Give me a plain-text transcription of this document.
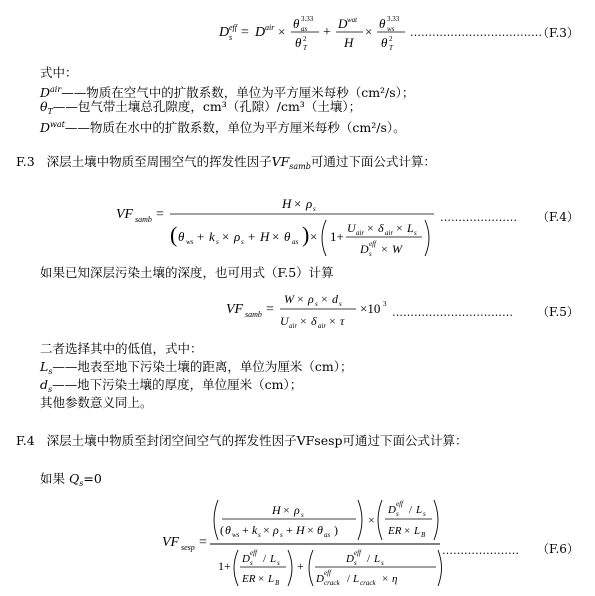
D s
eff = D air ×
θ as
3.33
θ T
2 +
D wat
H
×
θ ws
3.33
θ T
2 ………………………………
（F.3）
式中：
$D^{air}——$物质在空气中的扩散系数，单位为平方厘米每秒（cm²/s）；
$\theta_T——$包气带土壤总孔隙度，cm³（孔隙）/cm³（土壤）；
$D^{wat}——$物质在水中的扩散系数，单位为平方厘米每秒（cm²/s）。
F.3 深层土壤中物质至周围空气的挥发性因子$VF_{samb}$可通过下面公式计算：
VF samb =
H × ρ s
( θ ws + k s × ρ s + H × θ as ) × 1+
U air × δ air × L s
D s
eff × W
………………… （F.4）
如果已知深层污染土壤的深度，也可用式（F.5）计算
VF samb =
W × ρ s × d s
U air × δ air × τ
×10 3
…………………………… （F.5）
二者选择其中的低值，式中：
$L_s——$地表至地下污染土壤的距离，单位为厘米（cm）；
$d_s——$地下污染土壤的厚度，单位厘米（cm）；
其他参数意义同上。
F.4 深层土壤中物质至封闭空间空气的挥发性因子VFsesp可通过下面公式计算：
如果 $Q_s=0$
VF sesp =
H × ρ s
( θ ws + k s × ρ s + H × θ as )
×
D s
eff / L s
ER × L B
1+ D s
eff / L s
ER × L B
+	D s
eff / L s
D crack
eff / L crack × η
………………… （F.6）
